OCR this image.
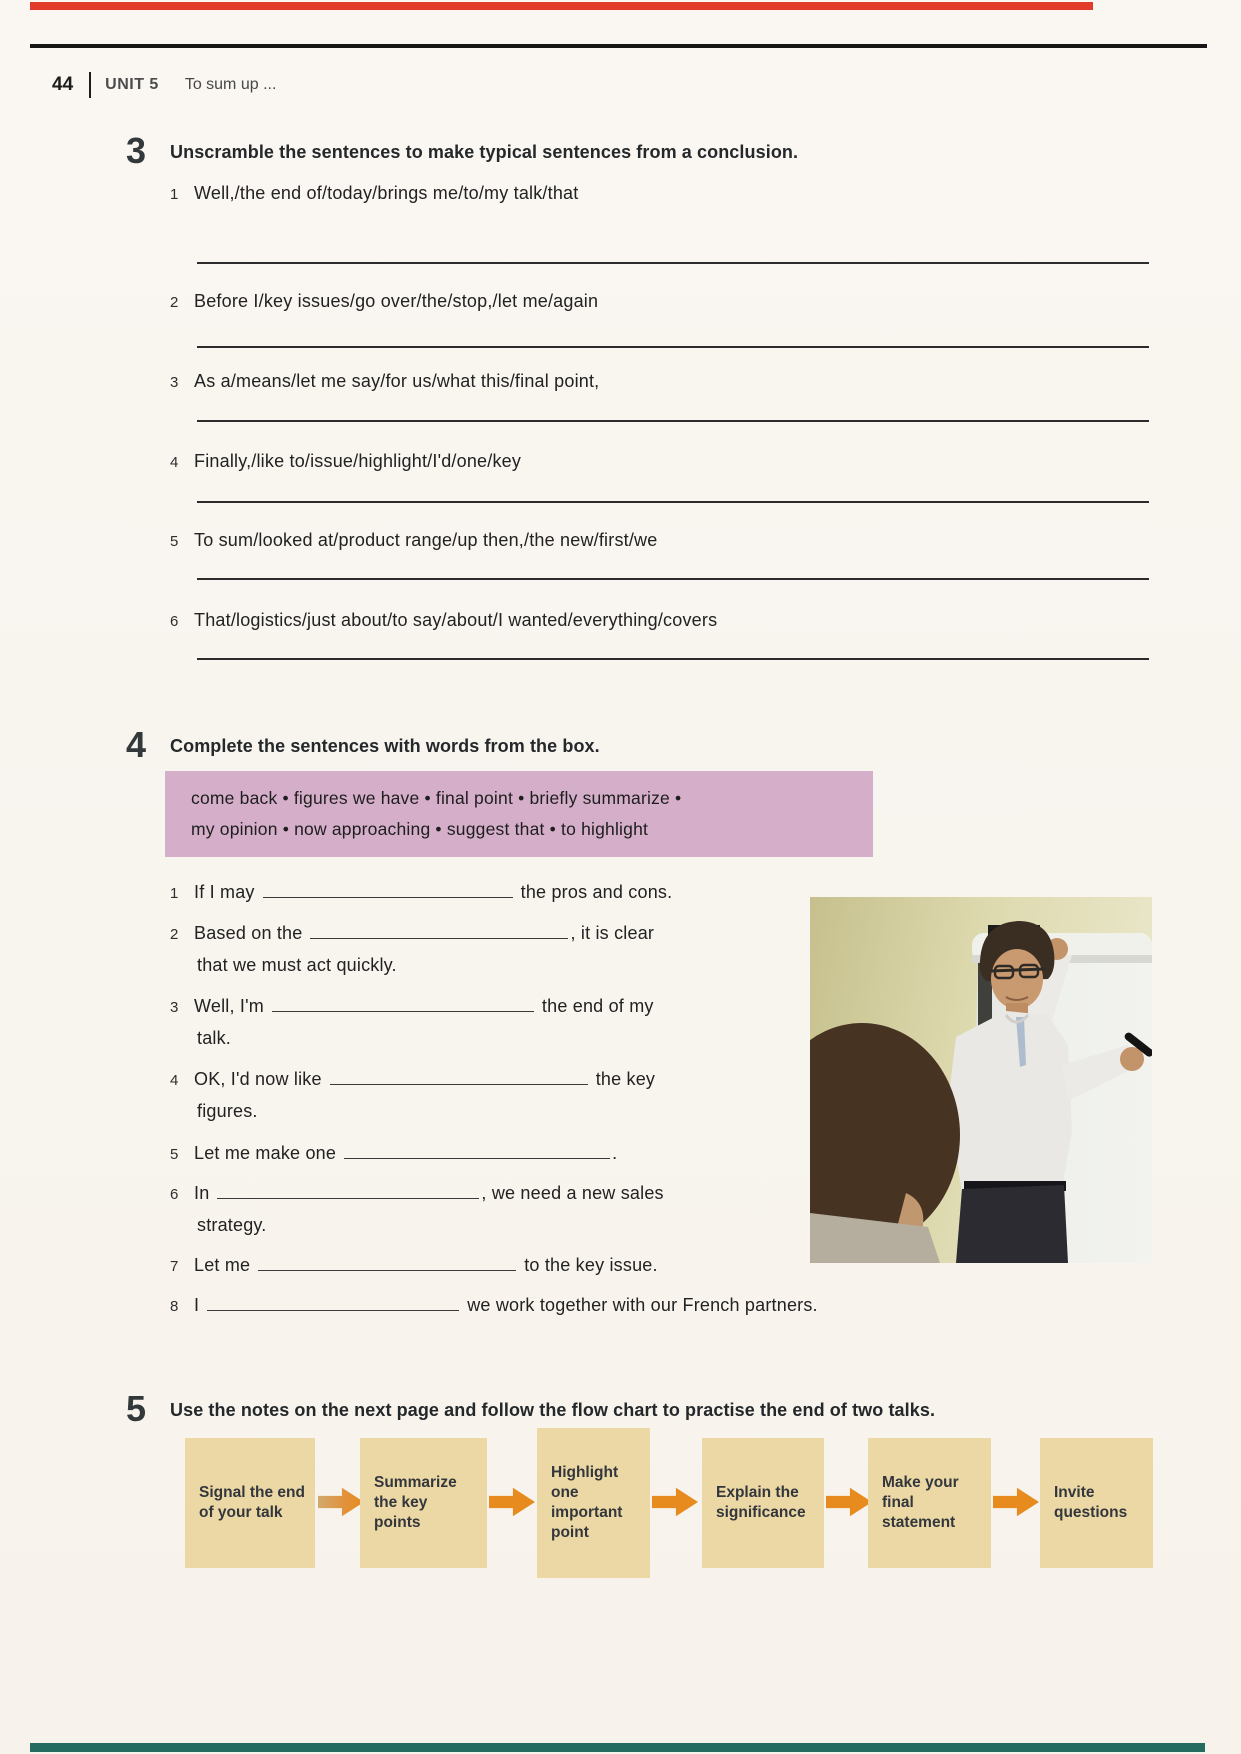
44 UNIT 5 To sum up ...
3	Unscramble the sentences to make typical sentences from a conclusion.
1 Well,/the end of/today/brings me/to/my talk/that
2 Before I/key issues/go over/the/stop,/let me/again
3 As a/means/let me say/for us/what this/final point,
4 Finally,/like to/issue/highlight/I'd/one/key
5 To sum/looked at/product range/up then,/the new/first/we
6 That/logistics/just about/to say/about/I wanted/everything/covers
4	Complete the sentences with words from the box.
come back • figures we have • final point • briefly summarize •
my opinion • now approaching • suggest that • to highlight
1 If I may	the pros and cons.
2 Based on the	, it is clear
that we must act quickly.
3 Well, I'm	the end of my
talk.
4 OK, I'd now like	the key
figures.
5 Let me make one	.
6 In	, we need a new sales
strategy.
7 Let me	to the key issue.
8 I	we work together with our French partners.
5	Use the notes on the next page and follow the flow chart to practise the end of two talks.
Signal the end of your talk
Summarize the key points
Highlight one important point
Explain the significance
Make your final statement
Invite questions
